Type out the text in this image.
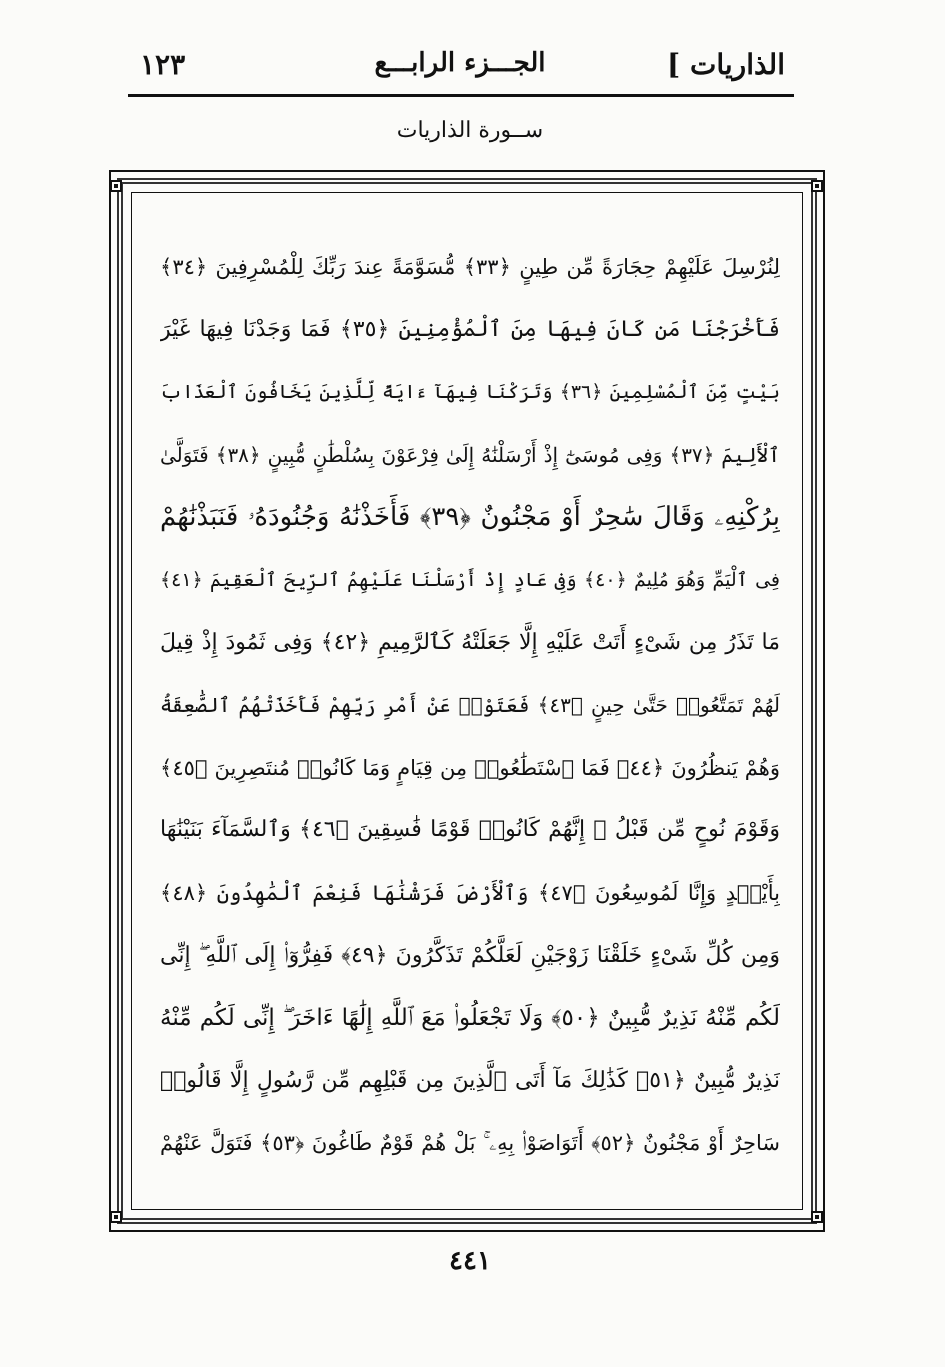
الذاريات ]
الجـــزء الرابـــع
١٢٣
ســورة الذاريات
لِنُرْسِلَ عَلَيْهِمْ حِجَارَةً مِّن طِينٍ ﴿٣٣﴾ مُّسَوَّمَةً عِندَ رَبِّكَ لِلْمُسْرِفِينَ ﴿٣٤﴾
فَأَخْرَجْنَا مَن كَانَ فِيهَا مِنَ ٱلْمُؤْمِنِينَ ﴿٣٥﴾ فَمَا وَجَدْنَا فِيهَا غَيْرَ
بَيْتٍ مِّنَ ٱلْمُسْلِمِينَ ﴿٣٦﴾ وَتَرَكْنَا فِيهَآ ءَايَةً لِّلَّذِينَ يَخَافُونَ ٱلْعَذَابَ
ٱلْأَلِيمَ ﴿٣٧﴾ وَفِى مُوسَىٰٓ إِذْ أَرْسَلْنَٰهُ إِلَىٰ فِرْعَوْنَ بِسُلْطَٰنٍ مُّبِينٍ ﴿٣٨﴾ فَتَوَلَّىٰ
بِرُكْنِهِۦ وَقَالَ سَٰحِرٌ أَوْ مَجْنُونٌ ﴿٣٩﴾ فَأَخَذْنَٰهُ وَجُنُودَهُۥ فَنَبَذْنَٰهُمْ
فِى ٱلْيَمِّ وَهُوَ مُلِيمٌ ﴿٤٠﴾ وَفِى عَادٍ إِذْ أَرْسَلْنَا عَلَيْهِمُ ٱلرِّيحَ ٱلْعَقِيمَ ﴿٤١﴾
مَا تَذَرُ مِن شَىْءٍ أَتَتْ عَلَيْهِ إِلَّا جَعَلَتْهُ كَٱلرَّمِيمِ ﴿٤٢﴾ وَفِى ثَمُودَ إِذْ قِيلَ
لَهُمْ تَمَتَّعُوا۟ حَتَّىٰ حِينٍ ﴿٤٣﴾ فَعَتَوْا۟ عَنْ أَمْرِ رَبِّهِمْ فَأَخَذَتْهُمُ ٱلصَّٰعِقَةُ
وَهُمْ يَنظُرُونَ ﴿٤٤﴾ فَمَا ٱسْتَطَٰعُوا۟ مِن قِيَامٍ وَمَا كَانُوا۟ مُنتَصِرِينَ ﴿٤٥﴾
وَقَوْمَ نُوحٍ مِّن قَبْلُ ۖ إِنَّهُمْ كَانُوا۟ قَوْمًا فَٰسِقِينَ ﴿٤٦﴾ وَٱلسَّمَآءَ بَنَيْنَٰهَا
بِأَيْي۟دٍ وَإِنَّا لَمُوسِعُونَ ﴿٤٧﴾ وَٱلْأَرْضَ فَرَشْنَٰهَا فَنِعْمَ ٱلْمَٰهِدُونَ ﴿٤٨﴾
وَمِن كُلِّ شَىْءٍ خَلَقْنَا زَوْجَيْنِ لَعَلَّكُمْ تَذَكَّرُونَ ﴿٤٩﴾ فَفِرُّوٓا۟ إِلَى ٱللَّهِ ۖ إِنِّى
لَكُم مِّنْهُ نَذِيرٌ مُّبِينٌ ﴿٥٠﴾ وَلَا تَجْعَلُوا۟ مَعَ ٱللَّهِ إِلَٰهًا ءَاخَرَ ۖ إِنِّى لَكُم مِّنْهُ
نَذِيرٌ مُّبِينٌ ﴿٥١﴾ كَذَٰلِكَ مَآ أَتَى ٱلَّذِينَ مِن قَبْلِهِم مِّن رَّسُولٍ إِلَّا قَالُوا۟
سَاحِرٌ أَوْ مَجْنُونٌ ﴿٥٢﴾ أَتَوَاصَوْا۟ بِهِۦ ۚ بَلْ هُمْ قَوْمٌ طَاغُونَ ﴿٥٣﴾ فَتَوَلَّ عَنْهُمْ
٤٤١
